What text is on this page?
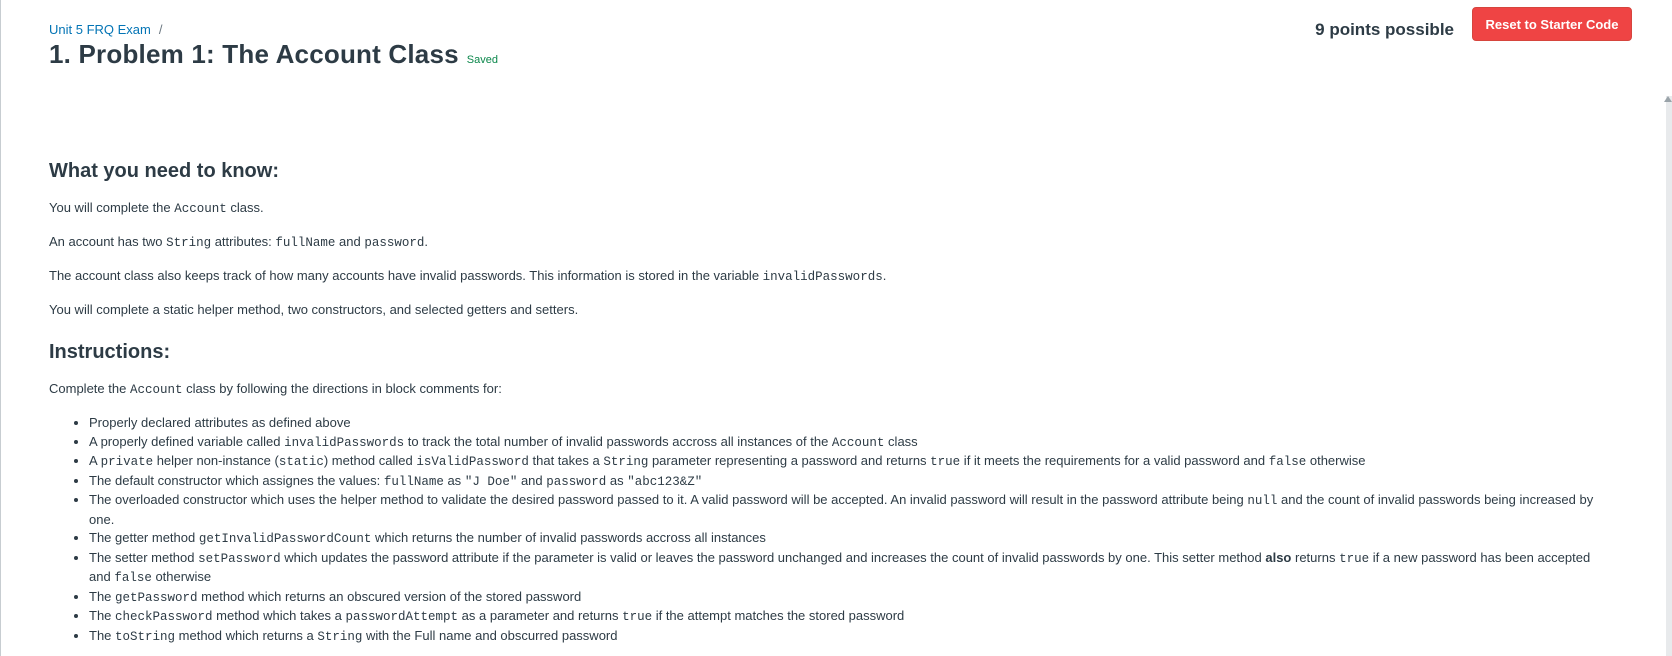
Unit 5 FRQ Exam /
1. Problem 1: The Account Class Saved
9 points possible	Reset to Starter Code
What you need to know:

You will complete the Account class.

An account has two String attributes: fullName and password.

The account class also keeps track of how many accounts have invalid passwords. This information is stored in the variable invalidPasswords.

You will complete a static helper method, two constructors, and selected getters and setters.

Instructions:

Complete the Account class by following the directions in block comments for:

• Properly declared attributes as defined above
• A properly defined variable called invalidPasswords to track the total number of invalid passwords accross all instances of the Account class
• A private helper non-instance (static) method called isValidPassword that takes a String parameter representing a password and returns true if it meets the requirements for a valid password and false otherwise
• The default constructor which assignes the values: fullName as "J Doe" and password as "abc123&Z"
• The overloaded constructor which uses the helper method to validate the desired password passed to it. A valid password will be accepted. An invalid password will result in the password attribute being null and the count of invalid passwords being increased by one.
• The getter method getInvalidPasswordCount which returns the number of invalid passwords accross all instances
• The setter method setPassword which updates the password attribute if the parameter is valid or leaves the password unchanged and increases the count of invalid passwords by one. This setter method also returns true if a new password has been accepted and false otherwise
• The getPassword method which returns an obscured version of the stored password
• The checkPassword method which takes a passwordAttempt as a parameter and returns true if the attempt matches the stored password
• The toString method which returns a String with the Full name and obscurred password
